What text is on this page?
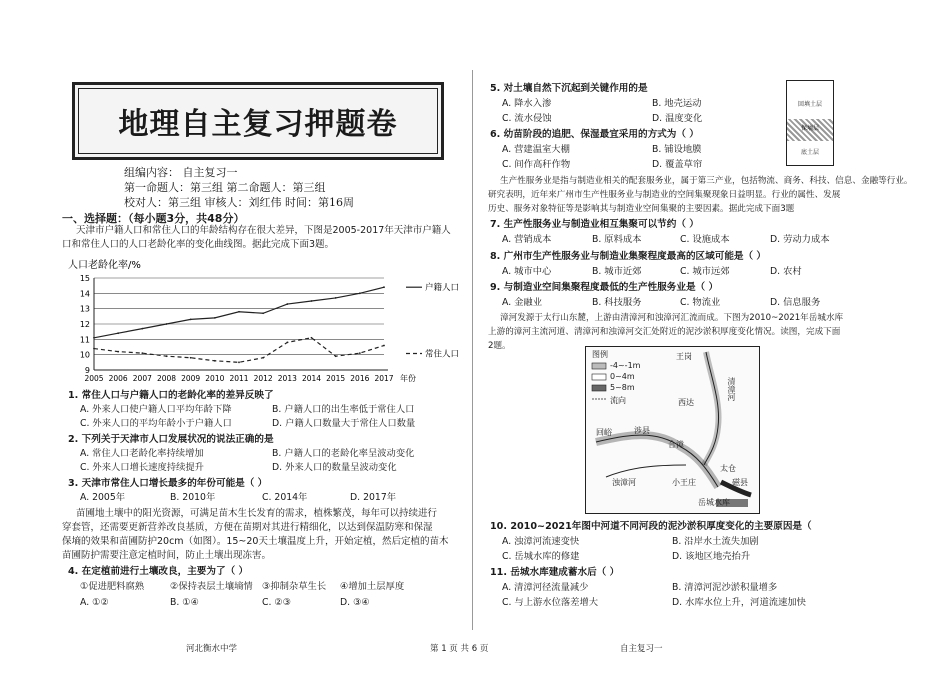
地理自主复习押题卷
组编内容： 自主复习一
第一命题人：第三组 第二命题人：第三组
校对人：第三组 审核人：刘红伟 时间：第16周
一、选择题：（每小题3分，共48分）
天津市户籍人口和常住人口的年龄结构存在很大差异，下图是2005-2017年天津市户籍人
口和常住人口的人口老龄化率的变化曲线图。据此完成下面3题。
人口老龄化率/%
9
10
11
12
13
14
15
2005 2006 2007 2008 2009 2010 2011 2012 2013 2014 2015 2016 2017 年份
户籍人口
常住人口
1. 常住人口与户籍人口的老龄化率的差异反映了
A. 外来人口使户籍人口平均年龄下降	B. 户籍人口的出生率低于常住人口
C. 外来人口的平均年龄小于户籍人口	D. 户籍人口数量大于常住人口数量
2. 下列关于天津市人口发展状况的说法正确的是
A. 常住人口老龄化率持续增加	B. 户籍人口的老龄化率呈波动变化
C. 外来人口增长速度持续提升	D. 外来人口的数量呈波动变化
3. 天津市常住人口增长最多的年份可能是（ ）
A. 2005年	B. 2010年	C. 2014年	D. 2017年
苗圃地土壤中的阳光资源，可满足苗木生长发育的需求，植株繁茂，每年可以持续进行
穿套管，还需要更新营养改良基质，方便在苗期对其进行精细化，以达到保温防寒和保湿
保墒的效果和苗圃防护20cm（如图）。15~20天土壤温度上升，开始定植，然后定植的苗木
苗圃防护需要注意定植时间，防止土壤出现冻害。
4. 在定植前进行土壤改良，主要为了（ ）
①促进肥料腐熟	②保持表层土壤墒情 ③抑制杂草生长 ④增加土层厚度
A. ①②	B. ①④	C. ②③	D. ③④
5. 对土壤自然下沉起到关键作用的是
A. 降水入渗	B. 地壳运动
C. 流水侵蚀	D. 温度变化
回填土层
保墒层
底土层
6. 幼苗阶段的追肥、保湿最宜采用的方式为（ ）
A. 营建温室大棚	B. 铺设地膜
C. 间作高秆作物	D. 覆盖草帘
生产性服务业是指与制造业相关的配套服务业，属于第三产业，包括物流、商务、科技、信息、金融等行业。
研究表明，近年来广州市生产性服务业与制造业的空间集聚现象日益明显。行业的属性、发展
历史、服务对象特征等是影响其与制造业空间集聚的主要因素。据此完成下面3题
7. 生产性服务业与制造业相互集聚可以节约（ ）
A. 营销成本	B. 原料成本	C. 设施成本	D. 劳动力成本
8. 广州市生产性服务业与制造业集聚程度最高的区域可能是（ ）
A. 城市中心	B. 城市近郊	C. 城市远郊	D. 农村
9. 与制造业空间集聚程度最低的生产性服务业是（ ）
A. 金融业	B. 科技服务	C. 物流业	D. 信息服务
漳河发源于太行山东麓，上游由清漳河和浊漳河汇流而成。下图为2010~2021年岳城水库
上游的漳河主流河道、清漳河和浊漳河交汇处附近的泥沙淤积厚度变化情况。读图，完成下面
2题。
图例
-4~-1m
0~4m
5~8m
流向	西达
王岗
清漳河
合漳
浊漳河	小王庄
太仓
磁县
岳城水库
涉县
回峪
10. 2010~2021年图中河道不同河段的泥沙淤积厚度变化的主要原因是（
A. 浊漳河流速变快	B. 沿岸水土流失加剧
C. 岳城水库的修建	D. 该地区地壳抬升
11. 岳城水库建成蓄水后（ ）
A. 清漳河径流量减少	B. 清漳河泥沙淤积量增多
C. 与上游水位落差增大	D. 水库水位上升，河道流速加快
河北衡水中学	第 1 页 共 6 页	自主复习一
